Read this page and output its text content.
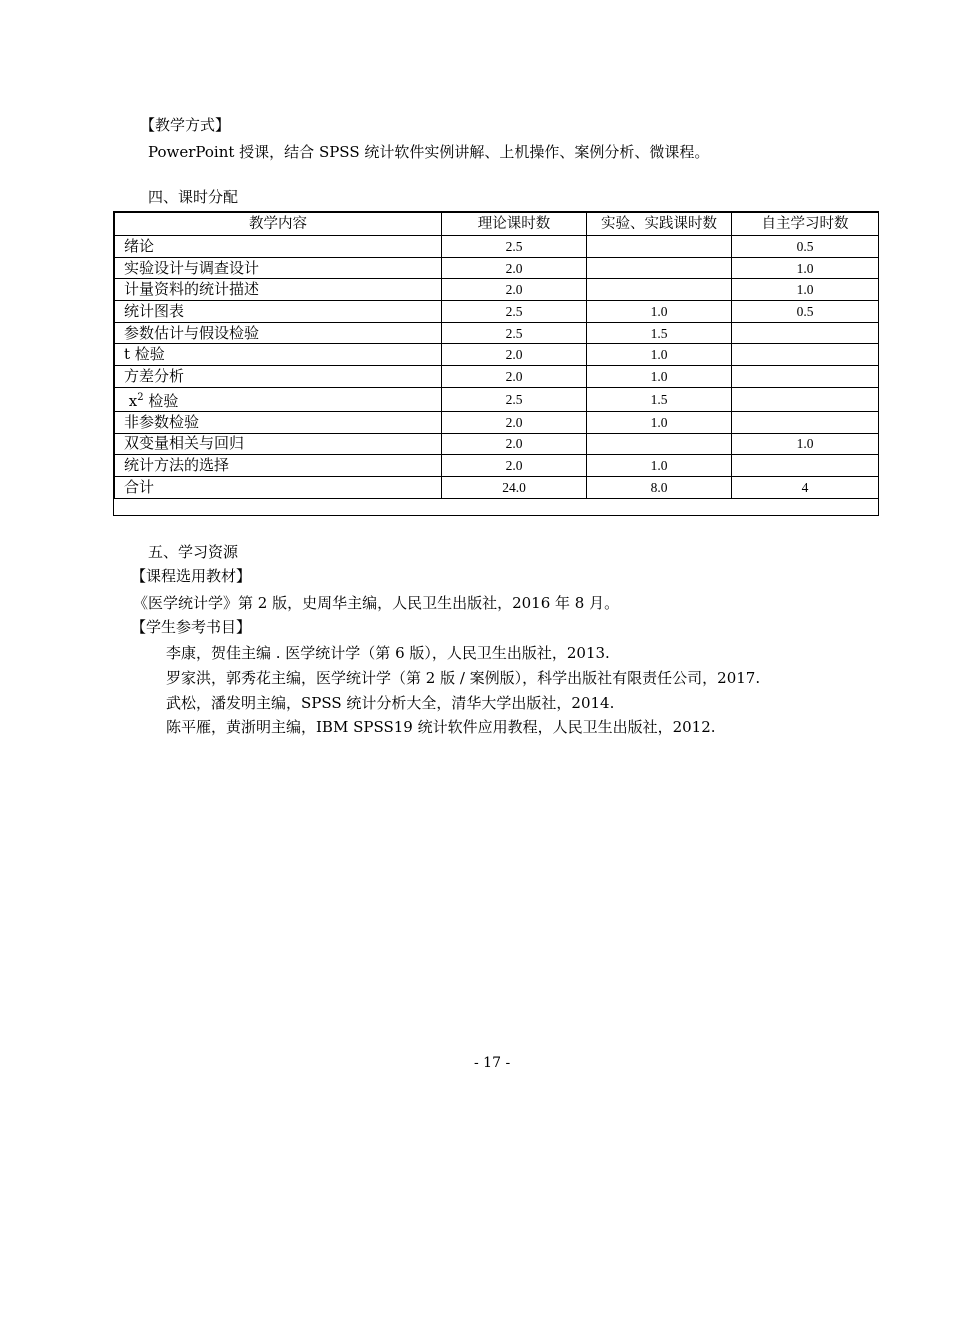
【教学方式】
PowerPoint 授课，结合 SPSS 统计软件实例讲解、上机操作、案例分析、微课程。
四、课时分配
教学内容	理论课时数	实验、实践课时数	自主学习时数
绪论	2.5		0.5
实验设计与调查设计	2.0		1.0
计量资料的统计描述	2.0		1.0
统计图表	2.5	1.0	0.5
参数估计与假设检验	2.5	1.5	
t 检验	2.0	1.0	
方差分析	2.0	1.0	
$x^2$ 检验	2.5	1.5	
非参数检验	2.0	1.0	
双变量相关与回归	2.0		1.0
统计方法的选择	2.0	1.0	
合计	24.0	8.0	4
五、学习资源
【课程选用教材】
《医学统计学》第 2 版，史周华主编，人民卫生出版社，2016 年 8 月。
【学生参考书目】
李康，贺佳主编 . 医学统计学（第 6 版），人民卫生出版社，2013.
罗家洪，郭秀花主编，医学统计学（第 2 版 / 案例版），科学出版社有限责任公司，2017.
武松，潘发明主编，SPSS 统计分析大全，清华大学出版社，2014.
陈平雁，黄浙明主编，IBM SPSS19 统计软件应用教程，人民卫生出版社，2012.
- 17 -
